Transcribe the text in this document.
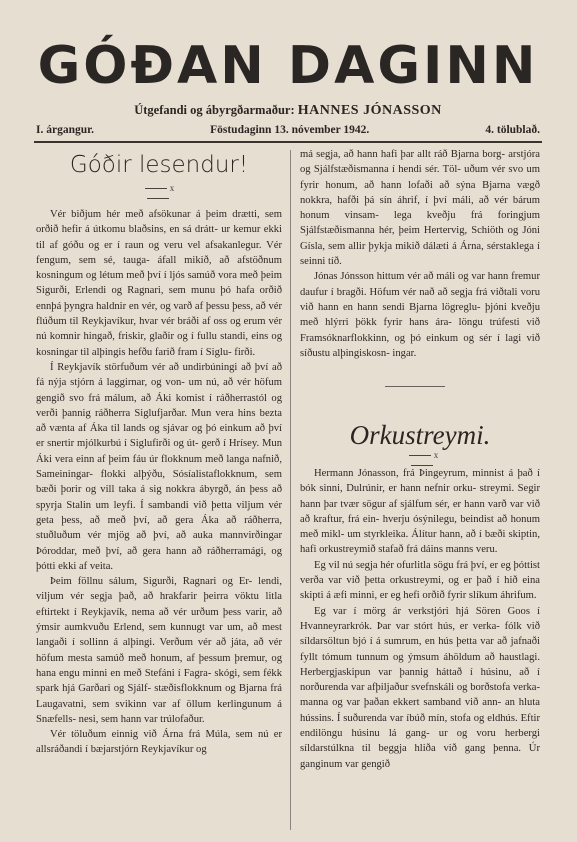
GÓÐAN DAGINN
Útgefandi og ábyrgðarmaður: HANNES JÓNASSON
I. árgangur.	Föstudaginn 13. nóvember 1942.	4. tölublað.
Góðir lesendur!
x

Vér biðjum hér með afsökunar á þeim drætti, sem orðið hefir á útkomu blaðsins, en sá drátt- ur kemur ekki til af góðu og er í raun og veru vel afsakanlegur. Vér fengum, sem sé, tauga- áfall mikið, að afstöðnum kosningum og létum með því í ljós samúð vora með þeim Sigurði, Erlendi og Ragnari, sem munu þó hafa orðið ennþá þyngra haldnir en vér, og varð af þessu þess, að vér flúðum til Reykjavíkur, hvar vér bráði af oss og erum vér nú komnir hingað, friskir, glaðir og í fullu standi, eins og kosningar til alþingis hefðu farið fram í Siglu- firði.

Í Reykjavík störfuðum vér að undirbúningi að því að fá nýja stjórn á laggirnar, og von- um nú, að vér höfum gengið svo frá málum, að Áki komist í ráðherrastól og verði þannig ráðherra Siglufjarðar. Mun vera hins bezta að vænta af Áka til lands og sjávar og þó einkum að því er snertir mjólkurbú í Siglufirði og út- gerð í Hrísey. Mun Áki vera einn af þeim fáu úr flokknum með langa nafnið, Sameiningar- flokki alþýðu, Sósíalistaflokknum, sem bæði þorir og vill taka á sig nokkra ábyrgð, án þess að spyrja Stalin um leyfi. Í sambandi við þetta viljum vér geta þess, að með því, að gera Áka að ráðherra, stuðluðum vér mjög að því, að auka mannvirðingar Þóroddar, með því, að gera hann að ráðherramági, og þótti ekki af veita.

Þeim föllnu sálum, Sigurði, Ragnari og Er- lendi, viljum vér segja það, að hrakfarir þeirra vöktu litla eftirtekt í Reykjavík, nema að vér urðum þess varir, að ýmsir aumkvuðu Erlend, sem kunnugt var um, að mest langaði í sollinn á alþingi. Verðum vér að játa, að vér höfum mesta samúð með honum, af þessum þremur, og hana engu minni en með Stefáni í Fagra- skógi, sem fékk spark hjá Garðari og Sjálf- stæðisflokknum og Bjarna frá Laugavatni, sem svikinn var af öllum kerlingunum á Snæfells- nesi, sem hann var trúlofaður.

Vér töluðum einnig við Árna frá Múla, sem nú er allsráðandi í bæjarstjórn Reykjavíkur og

má segja, að hann hafi þar allt ráð Bjarna borg- arstjóra og Sjálfstæðismanna í hendi sér. Töl- uðum vér svo um fyrir honum, að hann lofaði að sýna Bjarna vægð nokkra, hafði þá sín áhrif, í því máli, að vér bárum honum vinsam- lega kveðju frá foringjum Sjálfstæðismanna hér, þeim Hertervig, Schiöth og Jóni Gísla, sem allir þykja mikið dálæti á Árna, sérstaklega í seinni tíð.

Jónas Jónsson hittum vér að máli og var hann fremur daufur í bragði. Höfum vér nað að segja frá viðtali voru við hann en hann sendi Bjarna lögreglu- þjóni kveðju með hlýrri þökk fyrir hans ára- löngu trúfesti við Framsóknarflokkinn, og þó einkum og sér í lagi við síðustu alþingiskosn- ingar.

Orkustreymi.
x

Hermann Jónasson, frá Þingeyrum, minnist á það í bók sinni, Dulrúnir, er hann nefnir orku- streymi. Segir hann þar tvær sögur af sjálfum sér, er hann varð var við að kraftur, frá ein- hverju ósýnilegu, beindist að honum með mikl- um styrkleika. Álítur hann, að í bæði skiptin, hafi orkustreymið stafað frá dáins manns veru.

Eg vil nú segja hér ofurlitla sögu frá því, er eg þóttist verða var við þetta orkustreymi, og er það í hið eina skipti á æfi minni, er eg hefi orðið fyrir slíkum áhrifum.

Eg var í mörg ár verkstjóri hjá Sören Goos í Hvanneyrarkrók. Þar var stórt hús, er verka- fólk við síldarsöltun bjó í á sumrum, en hús þetta var að jafnaði fyllt tómum tunnum og ýmsum áhöldum að haustlagi. Herbergjaskipun var þannig háttað í húsinu, að í norðurenda var afþiljaður svefnskáli og borðstofa verka- manna og var þaðan ekkert samband við ann- an hluta hússins. Í suðurenda var íbúð mín, stofa og eldhús. Eftir endilöngu húsinu lá gang- ur og voru herbergi síldarstúlkna til beggja hliða við gang þenna. Úr ganginum var gengið
